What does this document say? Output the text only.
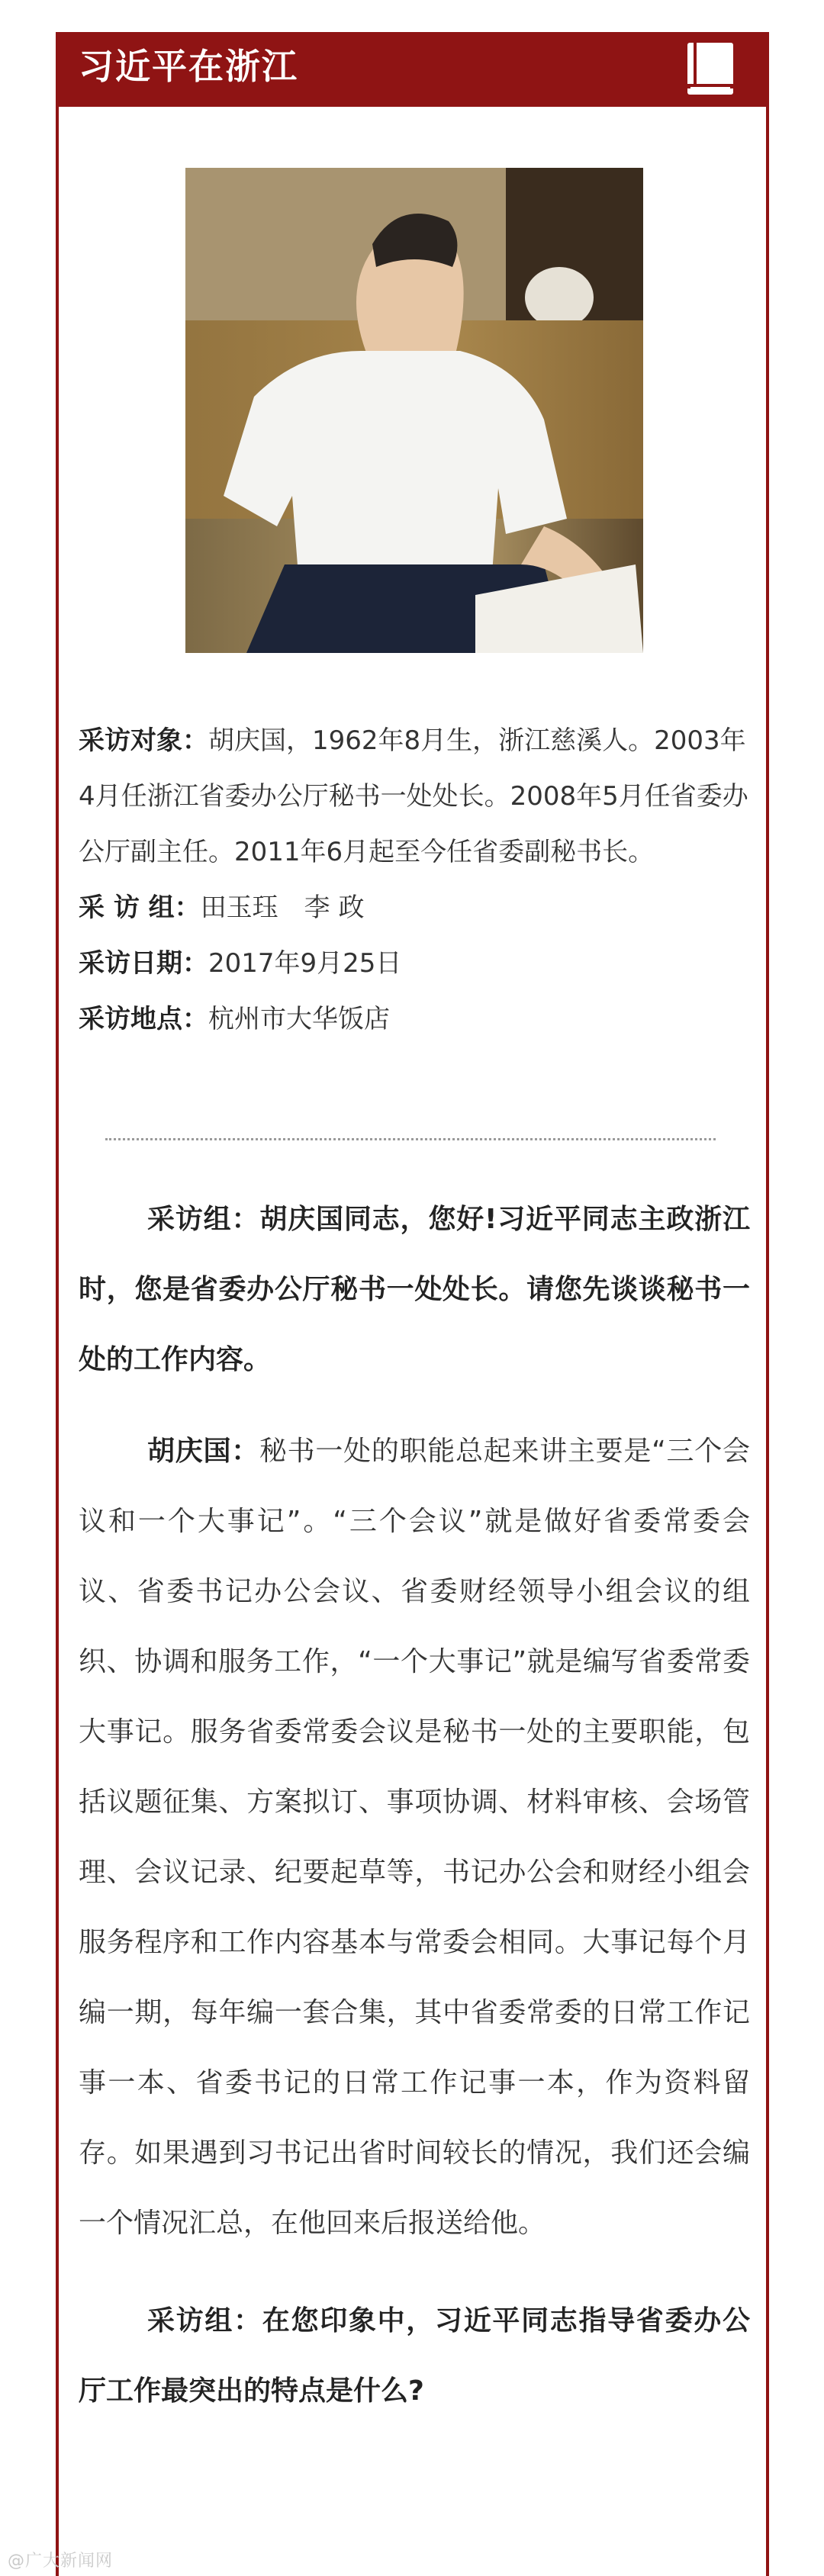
习近平在浙江

采访对象：胡庆国，1962年8月生，浙江慈溪人。2003年4月任浙江省委办公厅秘书一处处长。2008年5月任省委办公厅副主任。2011年6月起至今任省委副秘书长。

采 访 组：田玉珏　李 政

采访日期：2017年9月25日

采访地点：杭州市大华饭店

采访组：胡庆国同志，您好!习近平同志主政浙江时，您是省委办公厅秘书一处处长。请您先谈谈秘书一处的工作内容。

胡庆国：秘书一处的职能总起来讲主要是“三个会议和一个大事记”。“三个会议”就是做好省委常委会议、省委书记办公会议、省委财经领导小组会议的组织、协调和服务工作，“一个大事记”就是编写省委常委大事记。服务省委常委会议是秘书一处的主要职能，包括议题征集、方案拟订、事项协调、材料审核、会场管理、会议记录、纪要起草等，书记办公会和财经小组会服务程序和工作内容基本与常委会相同。大事记每个月编一期，每年编一套合集，其中省委常委的日常工作记事一本、省委书记的日常工作记事一本，作为资料留存。如果遇到习书记出省时间较长的情况，我们还会编一个情况汇总，在他回来后报送给他。

采访组：在您印象中，习近平同志指导省委办公厅工作最突出的特点是什么?

@广大新闻网
